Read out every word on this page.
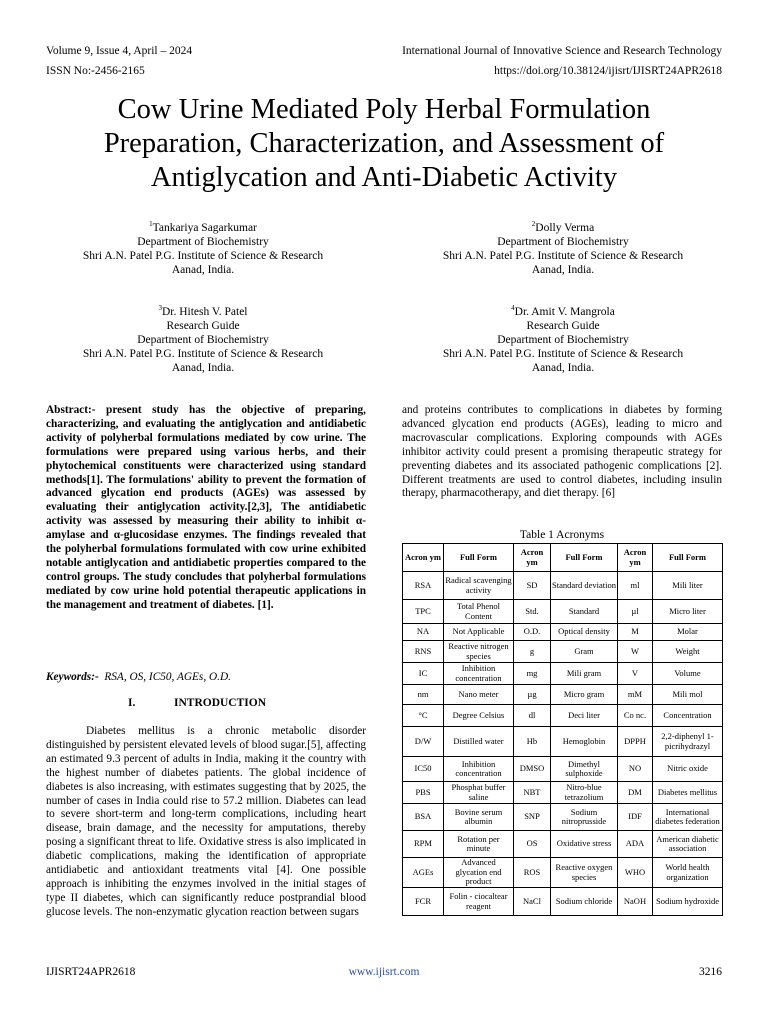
Volume 9, Issue 4, April – 2024	International Journal of Innovative Science and Research Technology
ISSN No:-2456-2165	https://doi.org/10.38124/ijisrt/IJISRT24APR2618
Cow Urine Mediated Poly Herbal Formulation
Preparation, Characterization, and Assessment of
Antiglycation and Anti-Diabetic Activity
$^1$Tankariya Sagarkumar
Department of Biochemistry
Shri A.N. Patel P.G. Institute of Science & Research
Aanad, India.
$^2$Dolly Verma
Department of Biochemistry
Shri A.N. Patel P.G. Institute of Science & Research
Aanad, India.
$^3$Dr. Hitesh V. Patel
Research Guide
Department of Biochemistry
Shri A.N. Patel P.G. Institute of Science & Research
Aanad, India.
$^4$Dr. Amit V. Mangrola
Research Guide
Department of Biochemistry
Shri A.N. Patel P.G. Institute of Science & Research
Aanad, India.
Abstract:- present study has the objective of preparing, characterizing, and evaluating the antiglycation and antidiabetic activity of polyherbal formulations mediated by cow urine. The formulations were prepared using various herbs, and their phytochemical constituents were characterized using standard methods[1]. The formulations' ability to prevent the formation of advanced glycation end products (AGEs) was assessed by evaluating their antiglycation activity.[2,3], The antidiabetic activity was assessed by measuring their ability to inhibit α-amylase and α-glucosidase enzymes. The findings revealed that the polyherbal formulations formulated with cow urine exhibited notable antiglycation and antidiabetic properties compared to the control groups. The study concludes that polyherbal formulations mediated by cow urine hold potential therapeutic applications in the management and treatment of diabetes. [1].
Keywords:- RSA, OS, IC50, AGEs, O.D.
I.	INTRODUCTION
Diabetes mellitus is a chronic metabolic disorder distinguished by persistent elevated levels of blood sugar.[5], affecting an estimated 9.3 percent of adults in India, making it the country with the highest number of diabetes patients. The global incidence of diabetes is also increasing, with estimates suggesting that by 2025, the number of cases in India could rise to 57.2 million. Diabetes can lead to severe short-term and long-term complications, including heart disease, brain damage, and the necessity for amputations, thereby posing a significant threat to life. Oxidative stress is also implicated in diabetic complications, making the identification of appropriate antidiabetic and antioxidant treatments vital [4]. One possible approach is inhibiting the enzymes involved in the initial stages of type II diabetes, which can significantly reduce postprandial blood glucose levels. The non-enzymatic glycation reaction between sugars
and proteins contributes to complications in diabetes by forming advanced glycation end products (AGEs), leading to micro and macrovascular complications. Exploring compounds with AGEs inhibitor activity could present a promising therapeutic strategy for preventing diabetes and its associated pathogenic complications [2]. Different treatments are used to control diabetes, including insulin therapy, pharmacotherapy, and diet therapy. [6]
Table 1 Acronyms
Acron ym	Full Form	Acron ym	Full Form	Acron ym	Full Form
RSA	Radical scavenging activity	SD	Standard deviation	ml	Mili liter
TPC	Total Phenol Content	Std.	Standard	µl	Micro liter
NA	Not Applicable	O.D.	Optical density	M	Molar
RNS	Reactive nitrogen species	g	Gram	W	Weight
IC	Inhibition concentration	mg	Mili gram	V	Volume
nm	Nano meter	µg	Micro gram	mM	Mili mol
°C	Degree Celsius	dl	Deci liter	Co nc.	Concentration
D/W	Distilled water	Hb	Hemoglobin	DPPH	2,2-diphenyl 1-picrihydrazyl
IC50	Inhibition concentration	DMSO	Dimethyl sulphoxide	NO	Nitric oxide
PBS	Phosphat buffer saline	NBT	Nitro-blue tetrazolium	DM	Diabetes mellitus
BSA	Bovine serum albumin	SNP	Sodium nitroprusside	IDF	International diabetes federation
RPM	Rotation per minute	OS	Oxidative stress	ADA	American diabetic association
AGEs	Advanced glycation end product	ROS	Reactive oxygen species	WHO	World health organization
FCR	Folin - ciocaltear reagent	NaCl	Sodium chloride	NaOH	Sodium hydroxide
IJISRT24APR2618	www.ijisrt.com	3216
